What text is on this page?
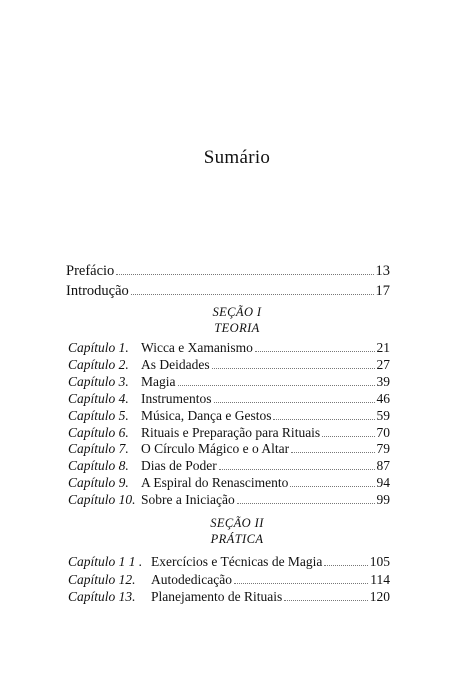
Sumário
Prefácio	13
Introdução	17
SEÇÃO I
TEORIA
Capítulo 1. Wicca e Xamanismo	21
Capítulo 2. As Deidades	27
Capítulo 3. Magia	39
Capítulo 4. Instrumentos	46
Capítulo 5. Música, Dança e Gestos	59
Capítulo 6. Rituais e Preparação para Rituais	70
Capítulo 7. O Círculo Mágico e o Altar	79
Capítulo 8. Dias de Poder	87
Capítulo 9. A Espiral do Renascimento	94
Capítulo 10. Sobre a Iniciação	99
SEÇÃO II
PRÁTICA
Capítulo 1 1 . Exercícios e Técnicas de Magia	105
Capítulo 12.	Autodedicação	114
Capítulo 13.	Planejamento de Rituais	120
